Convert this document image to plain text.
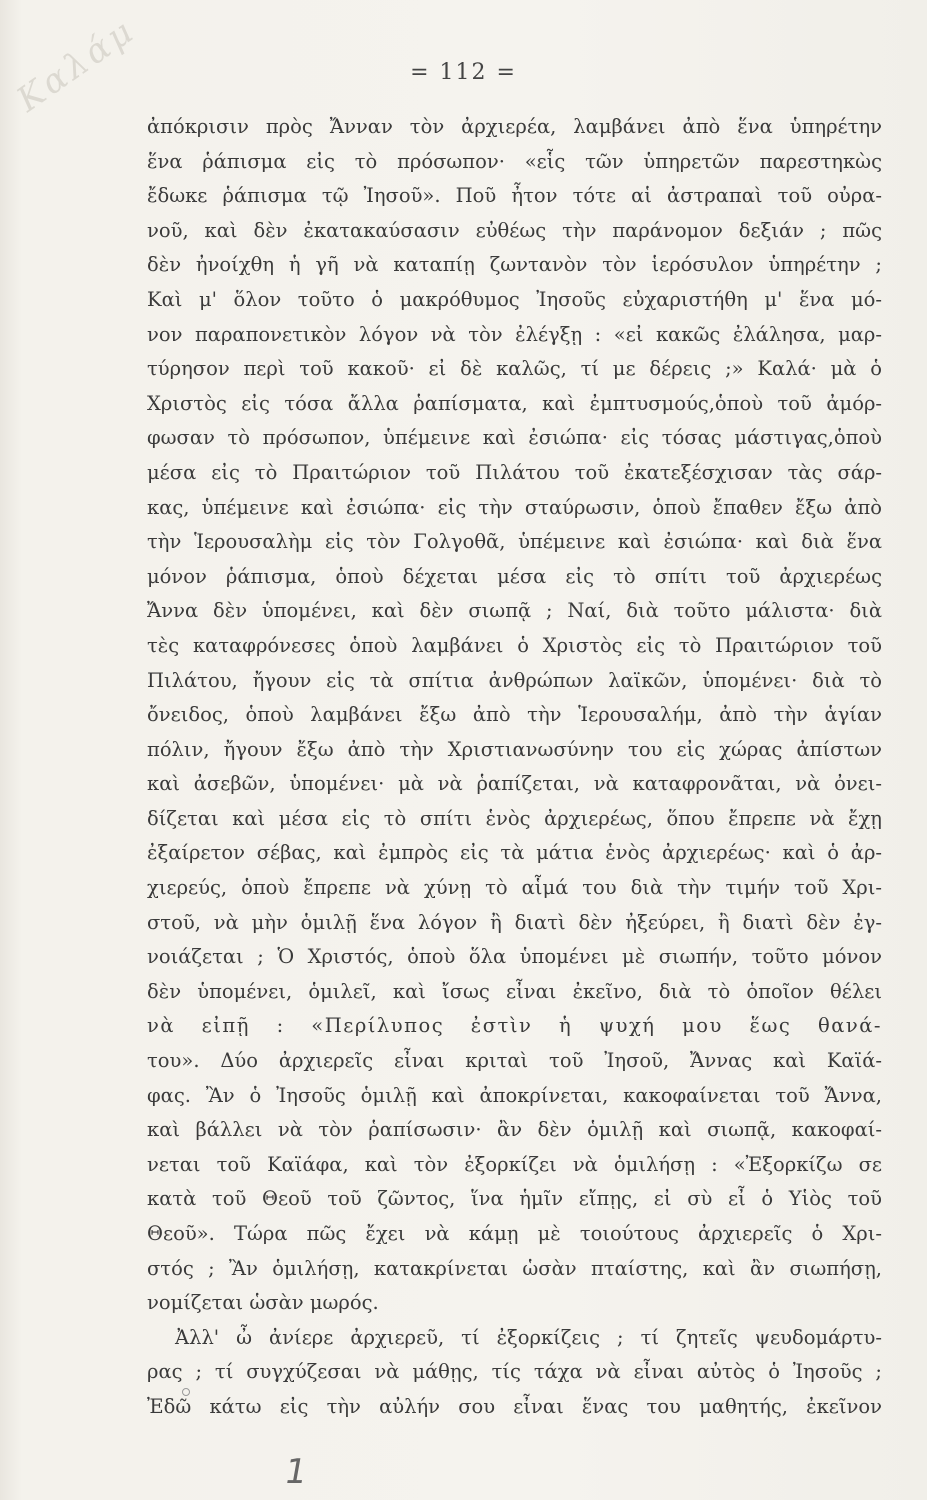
Καλάμ	= 112 =
ἀπόκρισιν πρὸς Ἄνναν τὸν ἀρχιερέα, λαμβάνει ἀπὸ ἕνα ὑπηρέτην
ἕνα ῥάπισμα εἰς τὸ πρόσωπον· «εἷς τῶν ὑπηρετῶν παρεστηκὼς
ἔδωκε ῥάπισμα τῷ Ἰησοῦ». Ποῦ ἦτον τότε αἱ ἀστραπαὶ τοῦ οὐρα-
νοῦ, καὶ δὲν ἐκατακαύσασιν εὐθέως τὴν παράνομον δεξιάν ; πῶς
δὲν ἠνοίχθη ἡ γῆ νὰ καταπίῃ ζωντανὸν τὸν ἱερόσυλον ὑπηρέτην ;
Καὶ μ' ὅλον τοῦτο ὁ μακρόθυμος Ἰησοῦς εὐχαριστήθη μ' ἕνα μό-
νον παραπονετικὸν λόγον νὰ τὸν ἐλέγξῃ : «εἰ κακῶς ἐλάλησα, μαρ-
τύρησον περὶ τοῦ κακοῦ· εἰ δὲ καλῶς, τί με δέρεις ;» Καλά· μὰ ὁ
Χριστὸς εἰς τόσα ἄλλα ῥαπίσματα, καὶ ἐμπτυσμούς,ὁποὺ τοῦ ἀμόρ-
φωσαν τὸ πρόσωπον, ὑπέμεινε καὶ ἐσιώπα· εἰς τόσας μάστιγας,ὁποὺ
μέσα εἰς τὸ Πραιτώριον τοῦ Πιλάτου τοῦ ἐκατεξέσχισαν τὰς σάρ-
κας, ὑπέμεινε καὶ ἐσιώπα· εἰς τὴν σταύρωσιν, ὁποὺ ἔπαθεν ἔξω ἀπὸ
τὴν Ἱερουσαλὴμ εἰς τὸν Γολγοθᾶ, ὑπέμεινε καὶ ἐσιώπα· καὶ διὰ ἕνα
μόνον ῥάπισμα, ὁποὺ δέχεται μέσα εἰς τὸ σπίτι τοῦ ἀρχιερέως
Ἄννα δὲν ὑπομένει, καὶ δὲν σιωπᾷ ; Ναί, διὰ τοῦτο μάλιστα· διὰ
τὲς καταφρόνεσες ὁποὺ λαμβάνει ὁ Χριστὸς εἰς τὸ Πραιτώριον τοῦ
Πιλάτου, ἤγουν εἰς τὰ σπίτια ἀνθρώπων λαϊκῶν, ὑπομένει· διὰ τὸ
ὄνειδος, ὁποὺ λαμβάνει ἔξω ἀπὸ τὴν Ἱερουσαλήμ, ἀπὸ τὴν ἁγίαν
πόλιν, ἤγουν ἔξω ἀπὸ τὴν Χριστιανωσύνην του εἰς χώρας ἀπίστων
καὶ ἀσεβῶν, ὑπομένει· μὰ νὰ ῥαπίζεται, νὰ καταφρονᾶται, νὰ ὀνει-
δίζεται καὶ μέσα εἰς τὸ σπίτι ἑνὸς ἀρχιερέως, ὅπου ἔπρεπε νὰ ἔχῃ
ἐξαίρετον σέβας, καὶ ἐμπρὸς εἰς τὰ μάτια ἑνὸς ἀρχιερέως· καὶ ὁ ἀρ-
χιερεύς, ὁποὺ ἔπρεπε νὰ χύνῃ τὸ αἷμά του διὰ τὴν τιμήν τοῦ Χρι-
στοῦ, νὰ μὴν ὁμιλῇ ἕνα λόγον ἢ διατὶ δὲν ἠξεύρει, ἢ διατὶ δὲν ἐγ-
νοιάζεται ; Ὁ Χριστός, ὁποὺ ὅλα ὑπομένει μὲ σιωπήν, τοῦτο μόνον
δὲν ὑπομένει, ὁμιλεῖ, καὶ ἴσως εἶναι ἐκεῖνο, διὰ τὸ ὁποῖον θέλει
νὰ εἰπῇ : «Περίλυπος ἐστὶν ἡ ψυχή μου ἕως θανά-
του». Δύο ἀρχιερεῖς εἶναι κριταὶ τοῦ Ἰησοῦ, Ἄννας καὶ Καϊά-
φας. Ἂν ὁ Ἰησοῦς ὁμιλῇ καὶ ἀποκρίνεται, κακοφαίνεται τοῦ Ἄννα,
καὶ βάλλει νὰ τὸν ῥαπίσωσιν· ἂν δὲν ὁμιλῇ καὶ σιωπᾷ, κακοφαί-
νεται τοῦ Καϊάφα, καὶ τὸν ἐξορκίζει νὰ ὁμιλήσῃ : «Ἐξορκίζω σε
κατὰ τοῦ Θεοῦ τοῦ ζῶντος, ἵνα ἡμῖν εἴπῃς, εἰ σὺ εἶ ὁ Υἱὸς τοῦ
Θεοῦ». Τώρα πῶς ἔχει νὰ κάμῃ μὲ τοιούτους ἀρχιερεῖς ὁ Χρι-
στός ; Ἂν ὁμιλήσῃ, κατακρίνεται ὡσὰν πταίστης, καὶ ἂν σιωπήσῃ,
νομίζεται ὡσὰν μωρός.
Ἀλλ' ὦ ἀνίερε ἀρχιερεῦ, τί ἐξορκίζεις ; τί ζητεῖς ψευδομάρτυ-
ρας ; τί συγχύζεσαι νὰ μάθῃς, τίς τάχα νὰ εἶναι αὐτὸς ὁ Ἰησοῦς ;
Ἐδῶ κάτω εἰς τὴν αὐλήν σου εἶναι ἕνας του μαθητής, ἐκεῖνον
1
